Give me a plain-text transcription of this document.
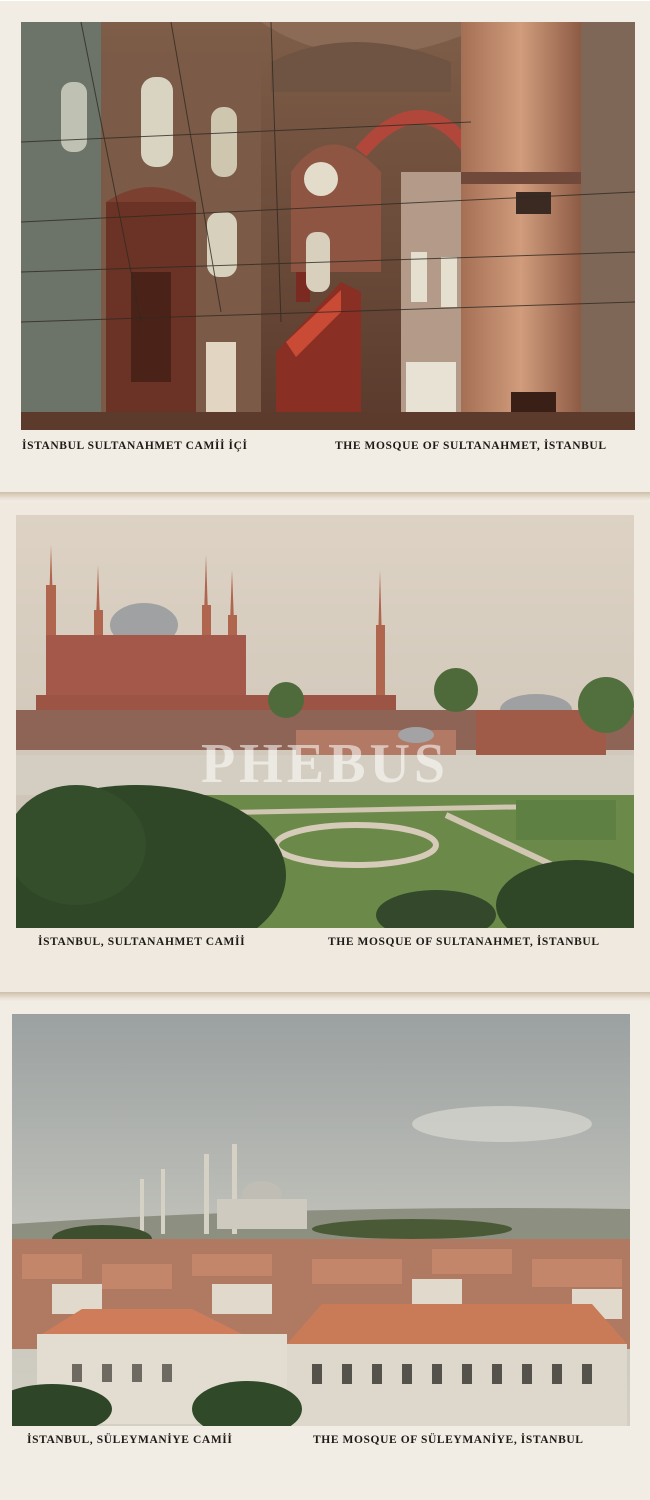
PHEBUS
İSTANBUL SULTANAHMET CAMİİ İÇİ	THE MOSQUE OF SULTANAHMET, İSTANBUL
İSTANBUL, SULTANAHMET CAMİİ	THE MOSQUE OF SULTANAHMET, İSTANBUL
İSTANBUL, SÜLEYMANİYE CAMİİ	THE MOSQUE OF SÜLEYMANİYE, İSTANBUL
